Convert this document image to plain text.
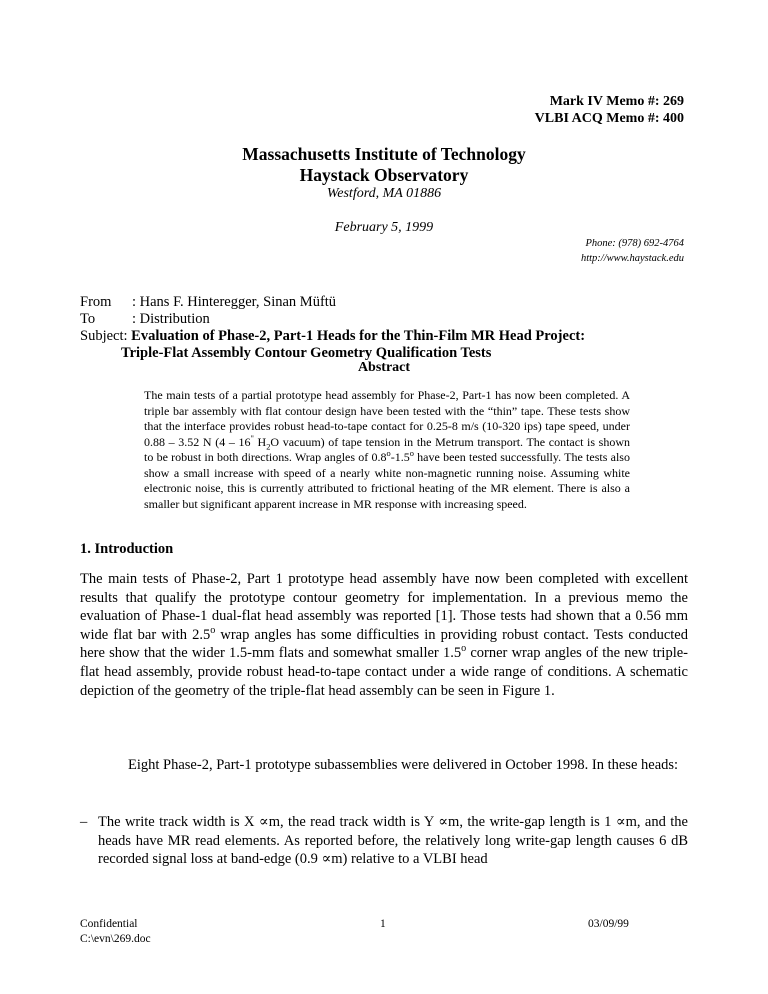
Mark IV Memo #: 269
VLBI ACQ Memo #: 400
Massachusetts Institute of Technology
Haystack Observatory
Westford, MA 01886
February 5, 1999
Phone: (978) 692-4764
http://www.haystack.edu
From : Hans F. Hinteregger, Sinan Müftü
To	: Distribution
Subject: Evaluation of Phase-2, Part-1 Heads for the Thin-Film MR Head Project:
Triple-Flat Assembly Contour Geometry Qualification Tests
Abstract
The main tests of a partial prototype head assembly for Phase-2, Part-1 has now been completed. A triple bar assembly with flat contour design have been tested with the “thin” tape. These tests show that the interface provides robust head-to-tape contact for 0.25-8 m/s (10-320 ips) tape speed, under 0.88 – 3.52 N (4 – 16" $H_2O$ vacuum) of tape tension in the Metrum transport. The contact is shown to be robust in both directions. Wrap angles of 0.8$^o$-1.5$^o$ have been tested successfully. The tests also show a small increase with speed of a nearly white non-magnetic running noise. Assuming white electronic noise, this is currently attributed to frictional heating of the MR element. There is also a smaller but significant apparent increase in MR response with increasing speed.
1. Introduction
The main tests of Phase-2, Part 1 prototype head assembly have now been completed with excellent results that qualify the prototype contour geometry for implementation. In a previous memo the evaluation of Phase-1 dual-flat head assembly was reported [1]. Those tests had shown that a 0.56 mm wide flat bar with 2.5$^o$ wrap angles has some difficulties in providing robust contact. Tests conducted here show that the wider 1.5-mm flats and somewhat smaller 1.5$^o$ corner wrap angles of the new triple-flat head assembly, provide robust head-to-tape contact under a wide range of conditions. A schematic depiction of the geometry of the triple-flat head assembly can be seen in Figure 1.
Eight Phase-2, Part-1 prototype subassemblies were delivered in October 1998. In these heads:
– The write track width is X ∝m, the read track width is Y ∝m, the write-gap length is 1 ∝m, and the heads have MR read elements. As reported before, the relatively long write-gap length causes 6 dB recorded signal loss at band-edge (0.9 ∝m) relative to a VLBI head
Confidential
C:\evn\269.doc
1	03/09/99
